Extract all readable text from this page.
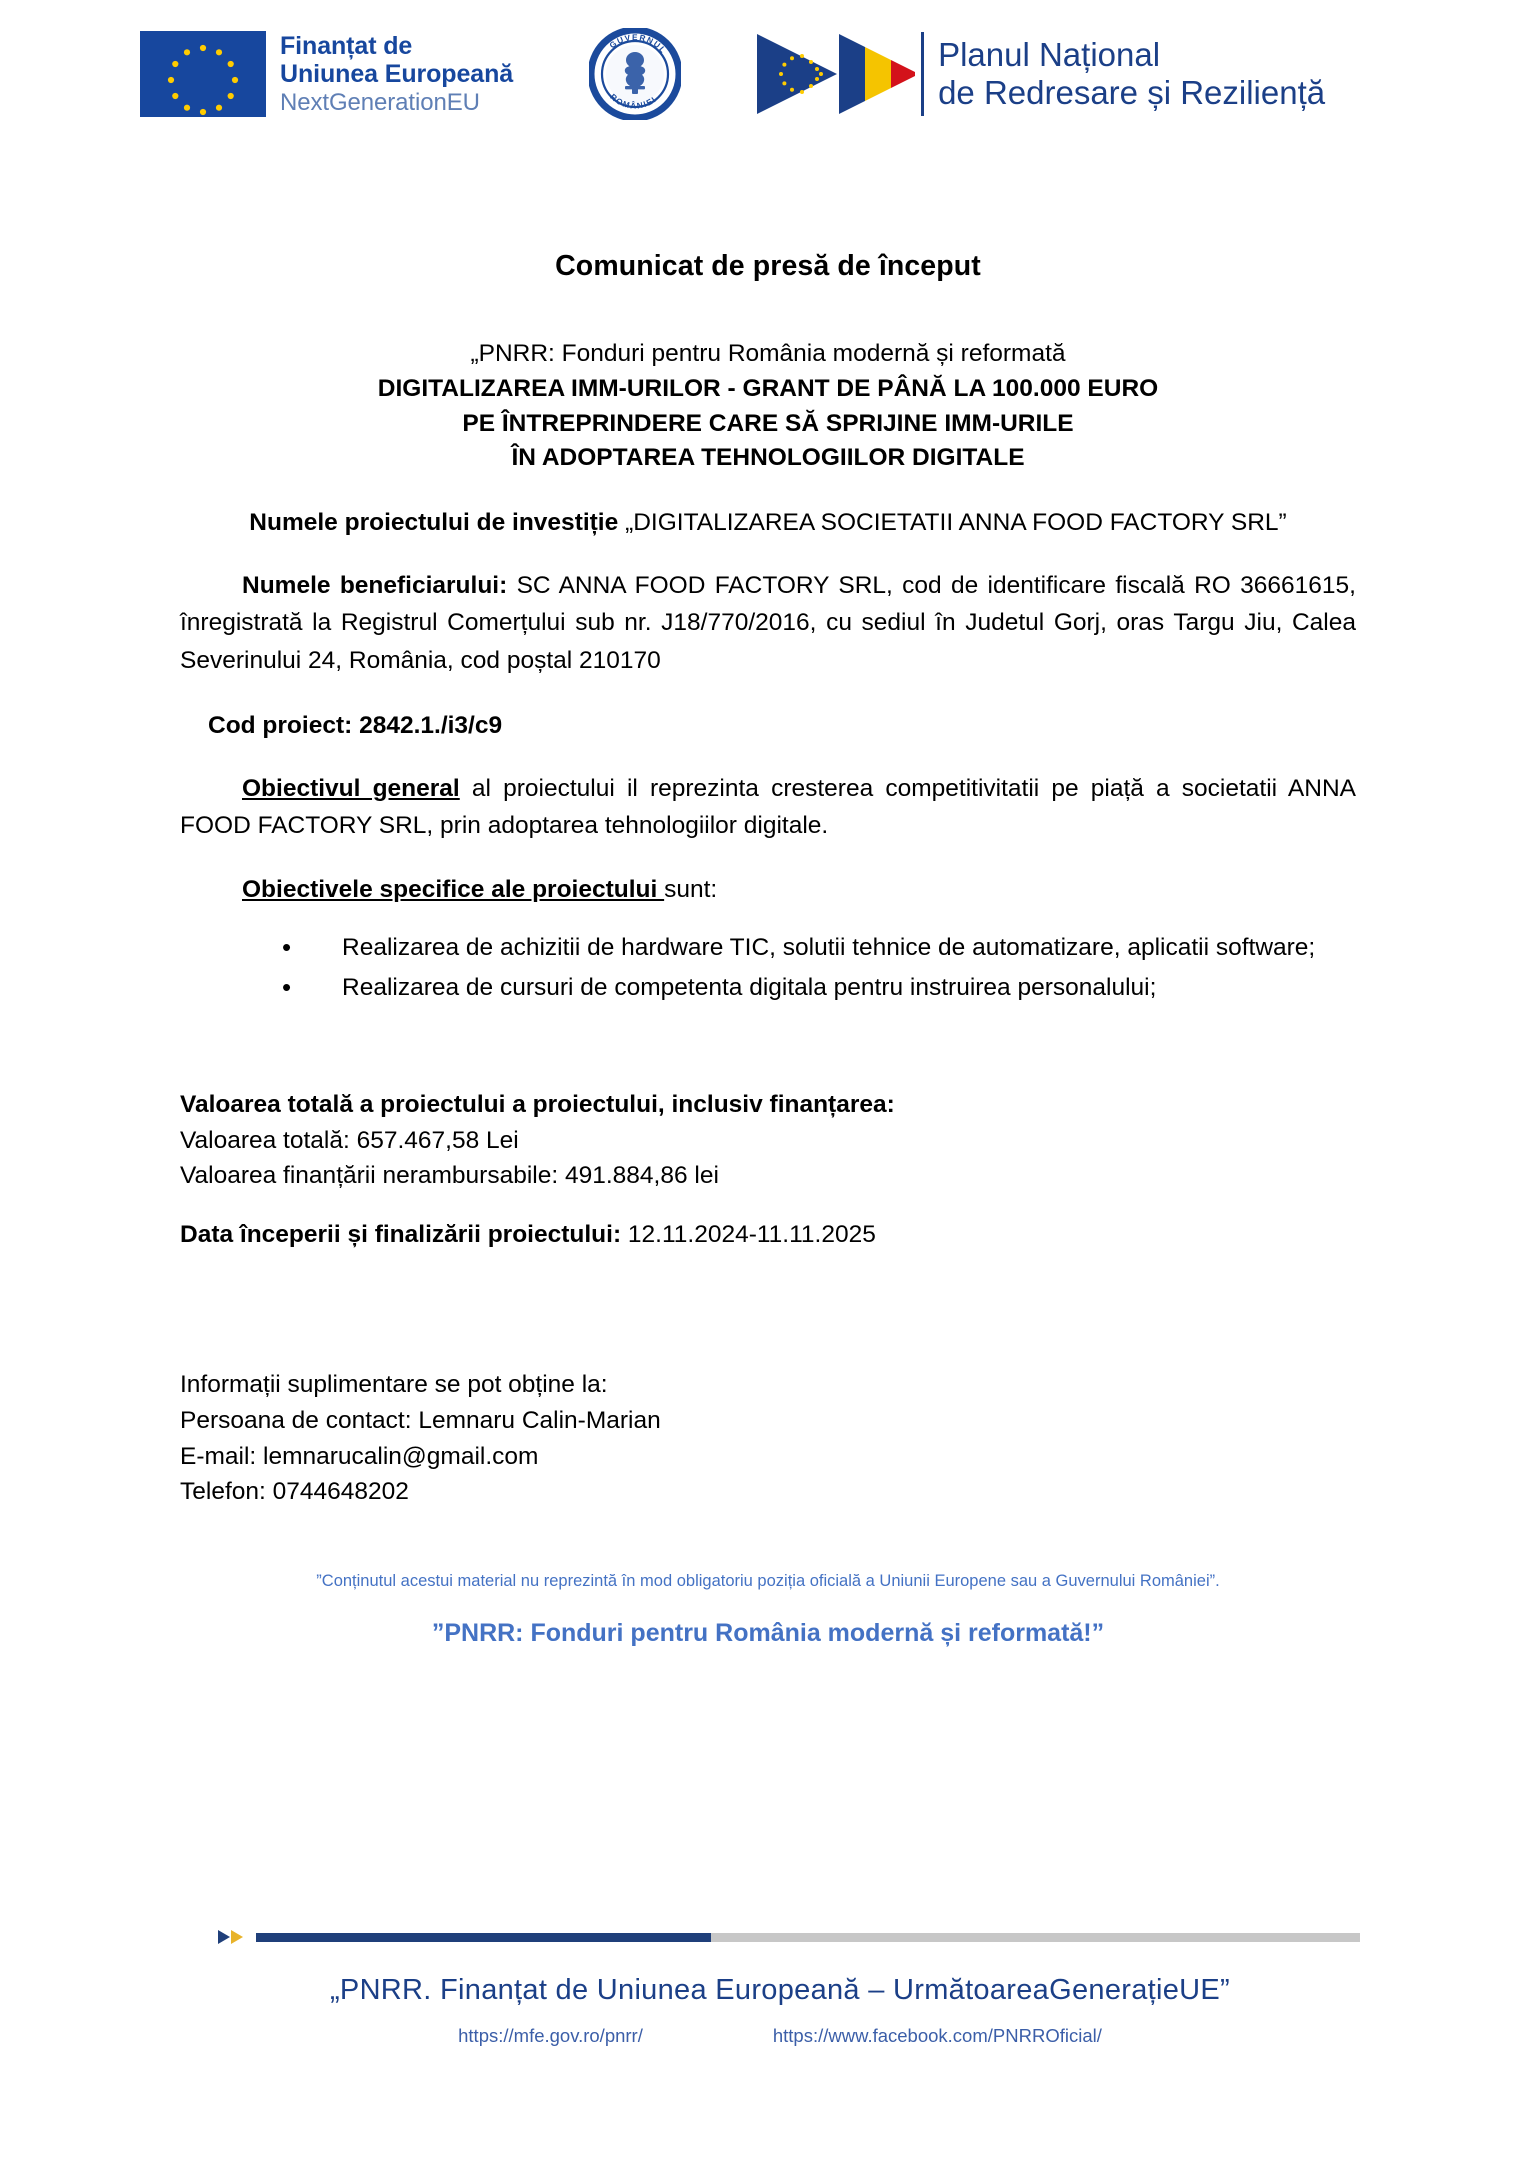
Finanțat de
Uniunea Europeană
NextGenerationEU
GUVERNUL
ROMÂNIEI
Planul Național
de Redresare și Reziliență
Comunicat de presă de început

„PNRR: Fonduri pentru România modernă și reformată

DIGITALIZAREA IMM-URILOR - GRANT DE PÂNĂ LA 100.000 EURO

PE ÎNTREPRINDERE CARE SĂ SPRIJINE IMM-URILE

ÎN ADOPTAREA TEHNOLOGIILOR DIGITALE

Numele proiectului de investiție „DIGITALIZAREA SOCIETATII ANNA FOOD FACTORY SRL”

Numele beneficiarului: SC ANNA FOOD FACTORY SRL, cod de identificare fiscală RO 36661615, înregistrată la Registrul Comerțului sub nr. J18/770/2016, cu sediul în Judetul Gorj, oras Targu Jiu, Calea Severinului 24, România, cod poștal 210170

Cod proiect: 2842.1./i3/c9

Obiectivul general al proiectului il reprezinta cresterea competitivitatii pe piață a societatii ANNA FOOD FACTORY SRL, prin adoptarea tehnologiilor digitale.

Obiectivele specifice ale proiectului sunt:

• Realizarea de achizitii de hardware TIC, solutii tehnice de automatizare, aplicatii software;
• Realizarea de cursuri de competenta digitala pentru instruirea personalului;

Valoarea totală a proiectului a proiectului, inclusiv finanțarea:

Valoarea totală: 657.467,58 Lei

Valoarea finanțării nerambursabile: 491.884,86 lei

Data începerii și finalizării proiectului: 12.11.2024-11.11.2025

Informații suplimentare se pot obține la:

Persoana de contact: Lemnaru Calin-Marian

E-mail: lemnarucalin@gmail.com

Telefon: 0744648202

”Conținutul acestui material nu reprezintă în mod obligatoriu poziția oficială a Uniunii Europene sau a Guvernului României”.

”PNRR: Fonduri pentru România modernă și reformată!”

„PNRR. Finanțat de Uniunea Europeană – UrmătoareaGenerațieUE”
https://mfe.gov.ro/pnrr/	https://www.facebook.com/PNRROficial/
